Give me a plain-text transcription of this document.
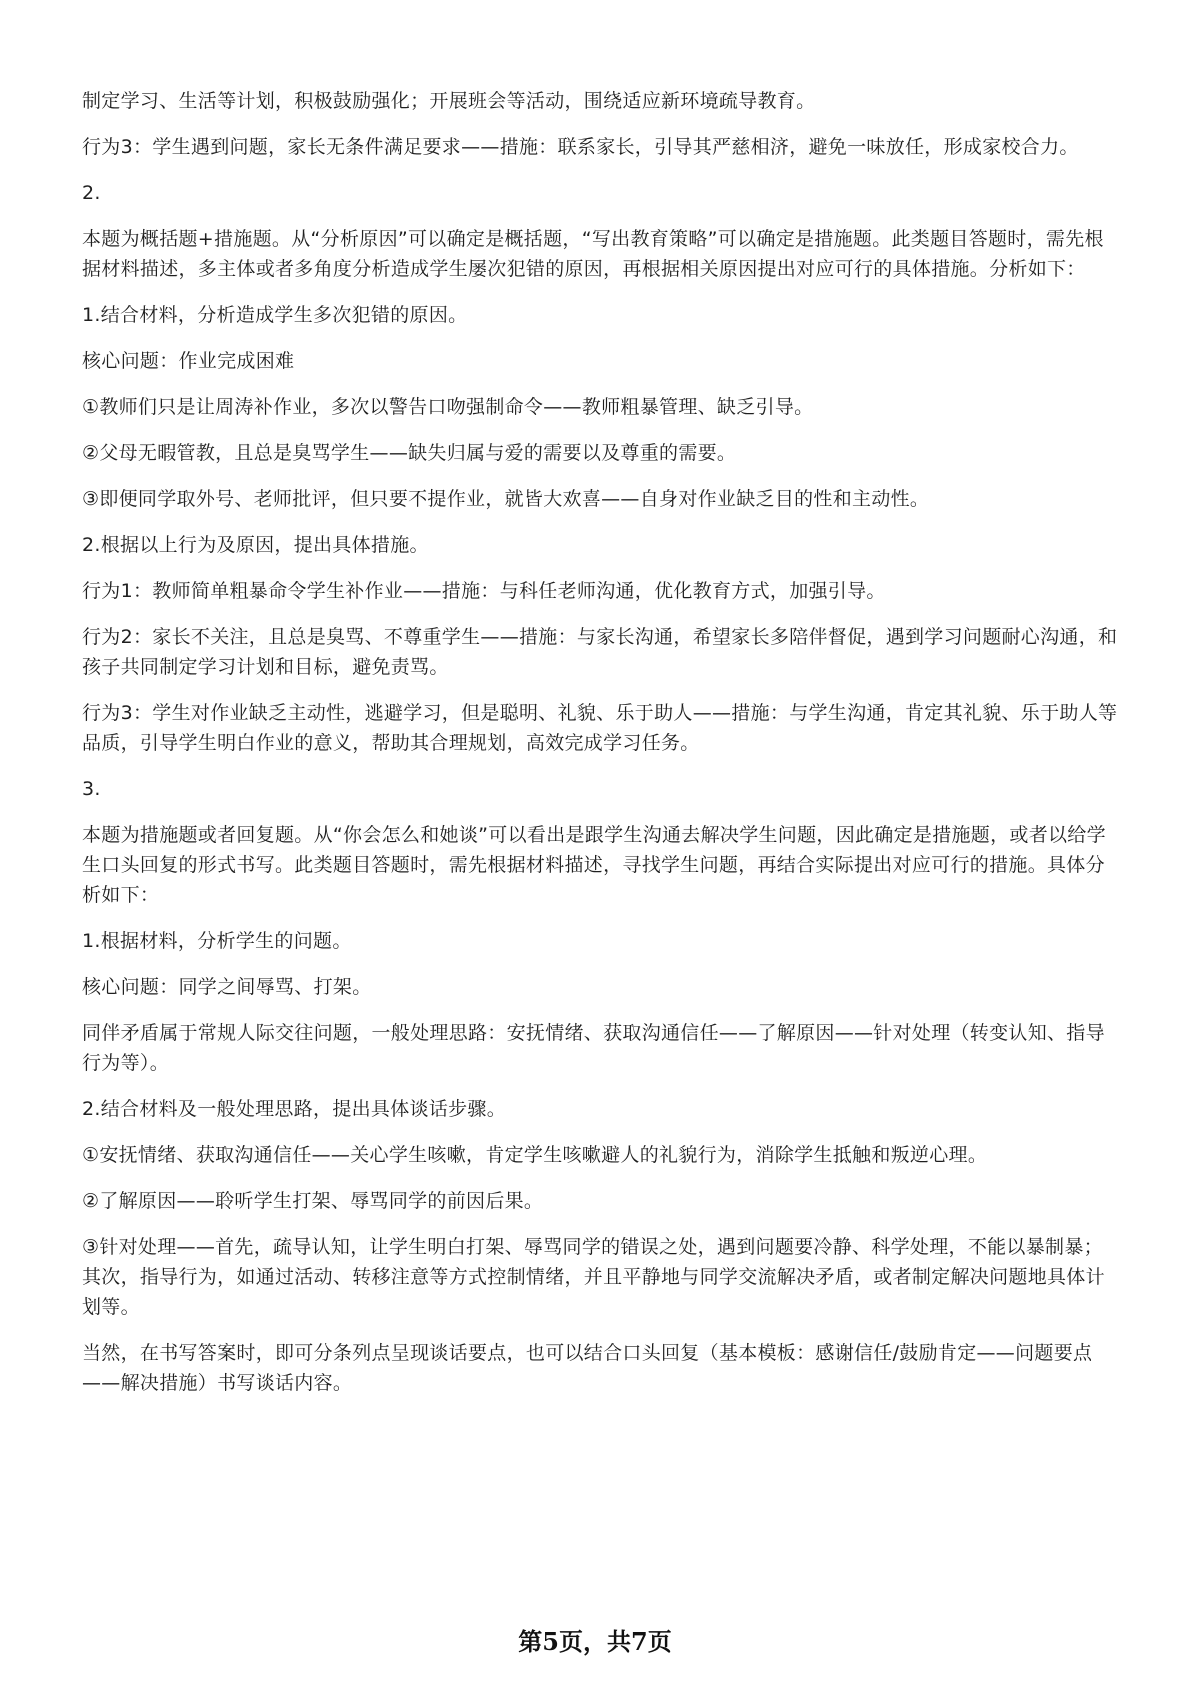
制定学习、生活等计划，积极鼓励强化；开展班会等活动，围绕适应新环境疏导教育。

行为3：学生遇到问题，家长无条件满足要求——措施：联系家长，引导其严慈相济，避免一味放任，形成家校合力。

2.

本题为概括题+措施题。从“分析原因”可以确定是概括题，“写出教育策略”可以确定是措施题。此类题目答题时，需先根据材料描述，多主体或者多角度分析造成学生屡次犯错的原因，再根据相关原因提出对应可行的具体措施。分析如下：

1.结合材料，分析造成学生多次犯错的原因。

核心问题：作业完成困难

①教师们只是让周涛补作业，多次以警告口吻强制命令——教师粗暴管理、缺乏引导。

②父母无暇管教，且总是臭骂学生——缺失归属与爱的需要以及尊重的需要。

③即便同学取外号、老师批评，但只要不提作业，就皆大欢喜——自身对作业缺乏目的性和主动性。

2.根据以上行为及原因，提出具体措施。

行为1：教师简单粗暴命令学生补作业——措施：与科任老师沟通，优化教育方式，加强引导。

行为2：家长不关注，且总是臭骂、不尊重学生——措施：与家长沟通，希望家长多陪伴督促，遇到学习问题耐心沟通，和孩子共同制定学习计划和目标，避免责骂。

行为3：学生对作业缺乏主动性，逃避学习，但是聪明、礼貌、乐于助人——措施：与学生沟通，肯定其礼貌、乐于助人等品质，引导学生明白作业的意义，帮助其合理规划，高效完成学习任务。

3.

本题为措施题或者回复题。从“你会怎么和她谈”可以看出是跟学生沟通去解决学生问题，因此确定是措施题，或者以给学生口头回复的形式书写。此类题目答题时，需先根据材料描述，寻找学生问题，再结合实际提出对应可行的措施。具体分析如下：

1.根据材料，分析学生的问题。

核心问题：同学之间辱骂、打架。

同伴矛盾属于常规人际交往问题，一般处理思路：安抚情绪、获取沟通信任——了解原因——针对处理（转变认知、指导行为等）。

2.结合材料及一般处理思路，提出具体谈话步骤。

①安抚情绪、获取沟通信任——关心学生咳嗽，肯定学生咳嗽避人的礼貌行为，消除学生抵触和叛逆心理。

②了解原因——聆听学生打架、辱骂同学的前因后果。

③针对处理——首先，疏导认知，让学生明白打架、辱骂同学的错误之处，遇到问题要冷静、科学处理，不能以暴制暴；其次，指导行为，如通过活动、转移注意等方式控制情绪，并且平静地与同学交流解决矛盾，或者制定解决问题地具体计划等。

当然，在书写答案时，即可分条列点呈现谈话要点，也可以结合口头回复（基本模板：感谢信任/鼓励肯定——问题要点——解决措施）书写谈话内容。

第5页，共7页
